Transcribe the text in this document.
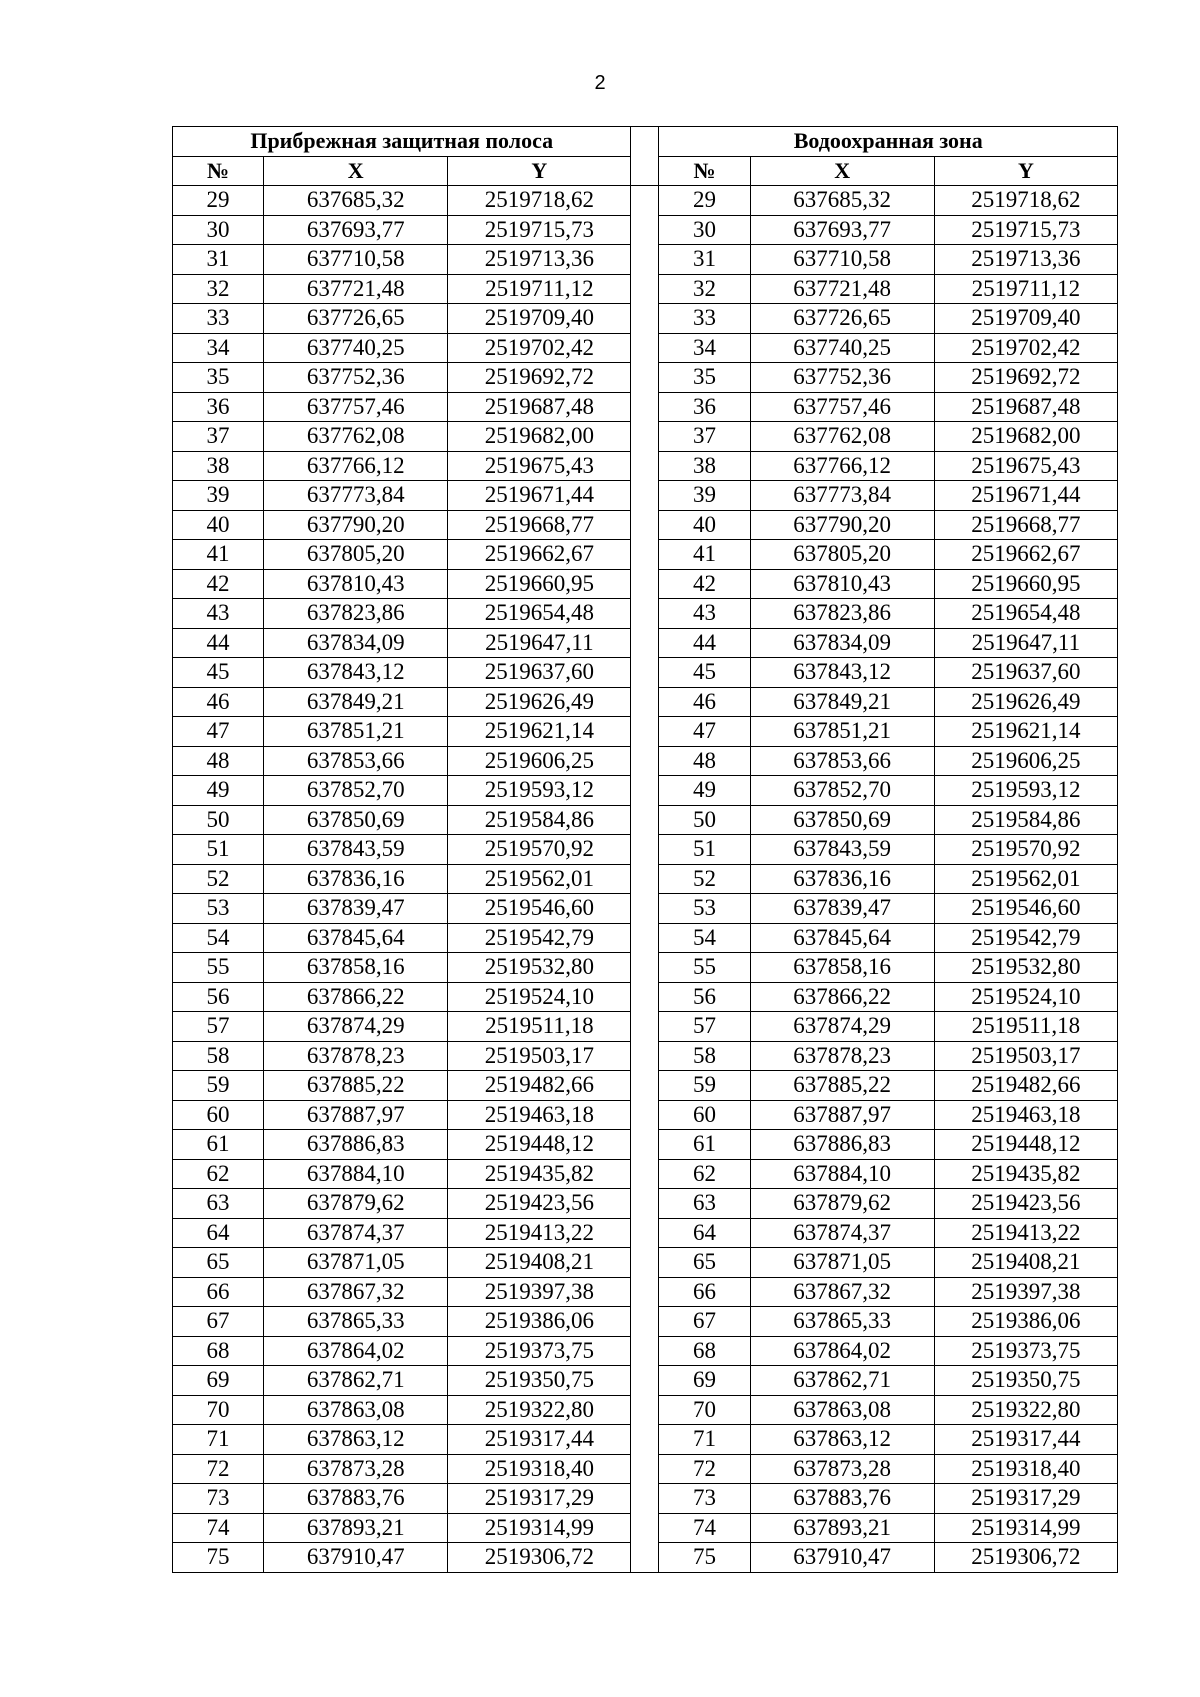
2
Прибрежная защитная полоса				Водоохранная зона		
№	X	Y		№	X	Y
29	637685,32	2519718,62		29	637685,32	2519718,62
30	637693,77	2519715,73		30	637693,77	2519715,73
31	637710,58	2519713,36		31	637710,58	2519713,36
32	637721,48	2519711,12		32	637721,48	2519711,12
33	637726,65	2519709,40		33	637726,65	2519709,40
34	637740,25	2519702,42		34	637740,25	2519702,42
35	637752,36	2519692,72		35	637752,36	2519692,72
36	637757,46	2519687,48		36	637757,46	2519687,48
37	637762,08	2519682,00		37	637762,08	2519682,00
38	637766,12	2519675,43		38	637766,12	2519675,43
39	637773,84	2519671,44		39	637773,84	2519671,44
40	637790,20	2519668,77		40	637790,20	2519668,77
41	637805,20	2519662,67		41	637805,20	2519662,67
42	637810,43	2519660,95		42	637810,43	2519660,95
43	637823,86	2519654,48		43	637823,86	2519654,48
44	637834,09	2519647,11		44	637834,09	2519647,11
45	637843,12	2519637,60		45	637843,12	2519637,60
46	637849,21	2519626,49		46	637849,21	2519626,49
47	637851,21	2519621,14		47	637851,21	2519621,14
48	637853,66	2519606,25		48	637853,66	2519606,25
49	637852,70	2519593,12		49	637852,70	2519593,12
50	637850,69	2519584,86		50	637850,69	2519584,86
51	637843,59	2519570,92		51	637843,59	2519570,92
52	637836,16	2519562,01		52	637836,16	2519562,01
53	637839,47	2519546,60		53	637839,47	2519546,60
54	637845,64	2519542,79		54	637845,64	2519542,79
55	637858,16	2519532,80		55	637858,16	2519532,80
56	637866,22	2519524,10		56	637866,22	2519524,10
57	637874,29	2519511,18		57	637874,29	2519511,18
58	637878,23	2519503,17		58	637878,23	2519503,17
59	637885,22	2519482,66		59	637885,22	2519482,66
60	637887,97	2519463,18		60	637887,97	2519463,18
61	637886,83	2519448,12		61	637886,83	2519448,12
62	637884,10	2519435,82		62	637884,10	2519435,82
63	637879,62	2519423,56		63	637879,62	2519423,56
64	637874,37	2519413,22		64	637874,37	2519413,22
65	637871,05	2519408,21		65	637871,05	2519408,21
66	637867,32	2519397,38		66	637867,32	2519397,38
67	637865,33	2519386,06		67	637865,33	2519386,06
68	637864,02	2519373,75		68	637864,02	2519373,75
69	637862,71	2519350,75		69	637862,71	2519350,75
70	637863,08	2519322,80		70	637863,08	2519322,80
71	637863,12	2519317,44		71	637863,12	2519317,44
72	637873,28	2519318,40		72	637873,28	2519318,40
73	637883,76	2519317,29		73	637883,76	2519317,29
74	637893,21	2519314,99		74	637893,21	2519314,99
75	637910,47	2519306,72		75	637910,47	2519306,72
